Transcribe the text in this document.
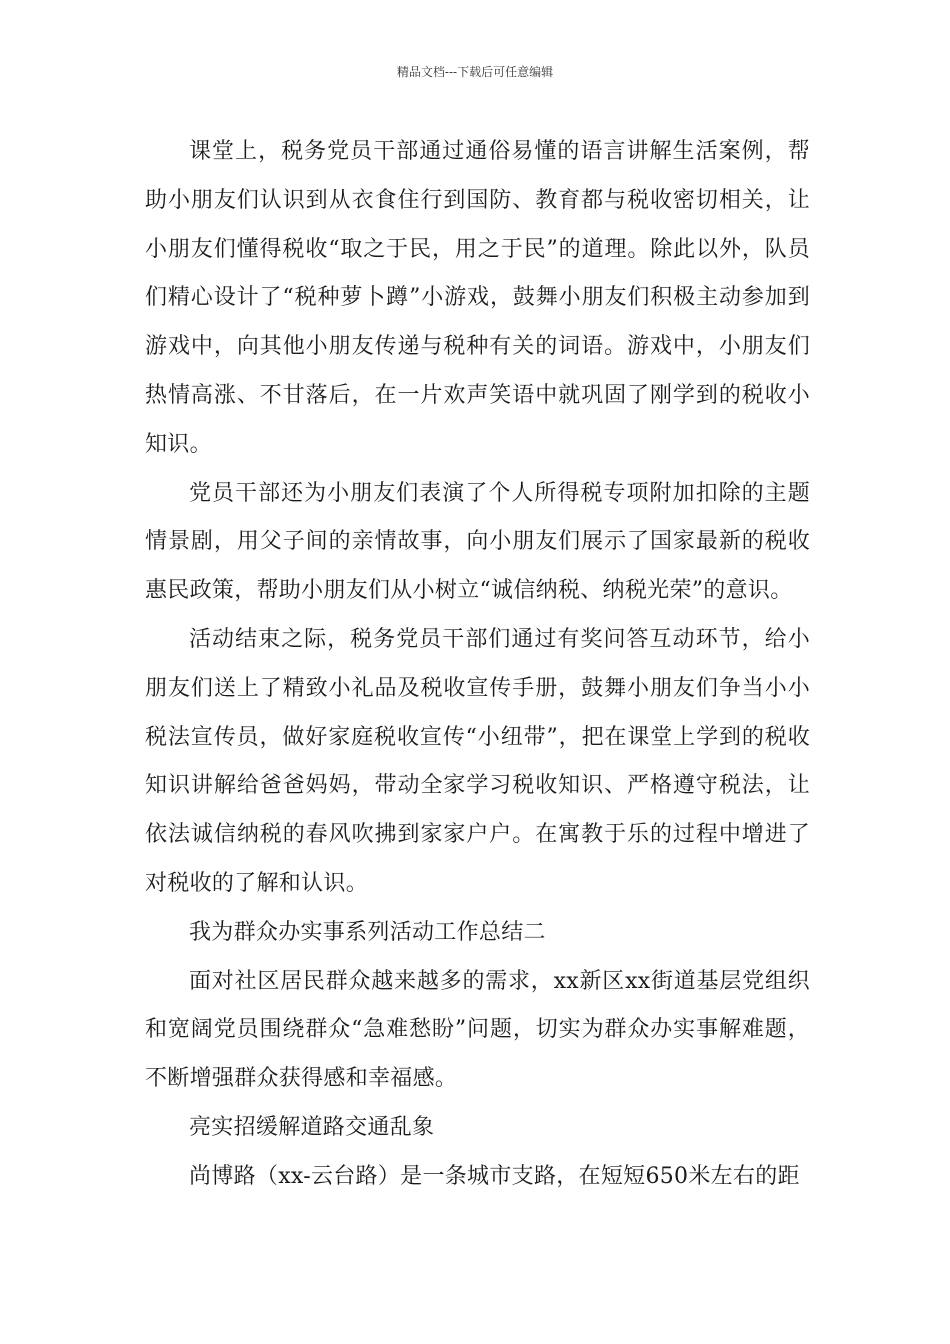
精品文档---下载后可任意编辑

课堂上，税务党员干部通过通俗易懂的语言讲解生活案例，帮助小朋友们认识到从衣食住行到国防、教育都与税收密切相关，让小朋友们懂得税收“取之于民，用之于民”的道理。除此以外，队员们精心设计了“税种萝卜蹲”小游戏，鼓舞小朋友们积极主动参加到游戏中，向其他小朋友传递与税种有关的词语。游戏中，小朋友们热情高涨、不甘落后，在一片欢声笑语中就巩固了刚学到的税收小知识。

党员干部还为小朋友们表演了个人所得税专项附加扣除的主题情景剧，用父子间的亲情故事，向小朋友们展示了国家最新的税收惠民政策，帮助小朋友们从小树立“诚信纳税、纳税光荣”的意识。

活动结束之际，税务党员干部们通过有奖问答互动环节，给小朋友们送上了精致小礼品及税收宣传手册，鼓舞小朋友们争当小小税法宣传员，做好家庭税收宣传“小纽带”，把在课堂上学到的税收知识讲解给爸爸妈妈，带动全家学习税收知识、严格遵守税法，让依法诚信纳税的春风吹拂到家家户户。在寓教于乐的过程中增进了对税收的了解和认识。

我为群众办实事系列活动工作总结二

面对社区居民群众越来越多的需求，xx新区xx街道基层党组织和宽阔党员围绕群众“急难愁盼”问题，切实为群众办实事解难题，不断增强群众获得感和幸福感。

亮实招缓解道路交通乱象

尚博路（xx-云台路）是一条城市支路，在短短650米左右的距
